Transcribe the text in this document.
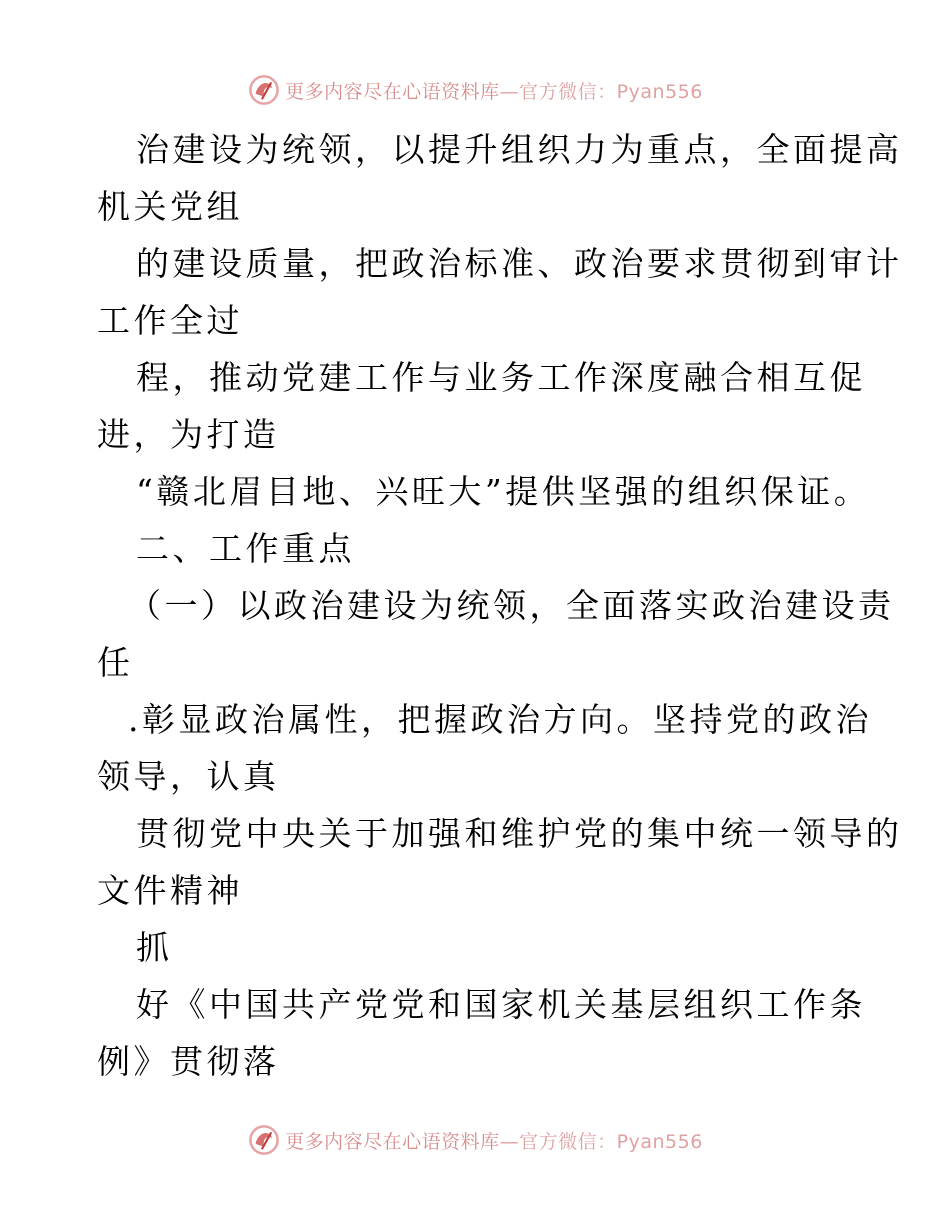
更多内容尽在心语资料库—官方微信：Pyan556
治建设为统领，以提升组织力为重点，全面提高
机关党组
的建设质量，把政治标准、政治要求贯彻到审计
工作全过
程，推动党建工作与业务工作深度融合相互促
进，为打造
“赣北眉目地、兴旺大”提供坚强的组织保证。
二、工作重点
（一）以政治建设为统领，全面落实政治建设责
任
.彰显政治属性，把握政治方向。坚持党的政治
领导，认真
贯彻党中央关于加强和维护党的集中统一领导的
文件精神
抓
好《中国共产党党和国家机关基层组织工作条
例》贯彻落
更多内容尽在心语资料库—官方微信：Pyan556
